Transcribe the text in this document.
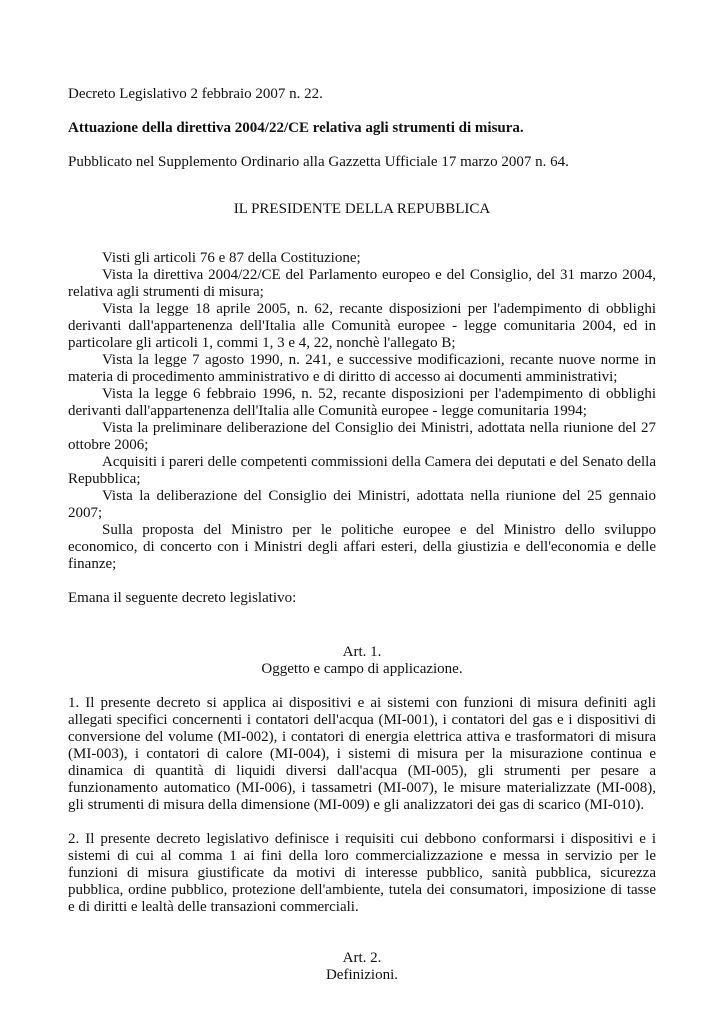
Decreto Legislativo 2 febbraio 2007 n. 22.

Attuazione della direttiva 2004/22/CE relativa agli strumenti di misura.

Pubblicato nel Supplemento Ordinario alla Gazzetta Ufficiale 17 marzo 2007 n. 64.

IL PRESIDENTE DELLA REPUBBLICA

Visti gli articoli 76 e 87 della Costituzione;

Vista la direttiva 2004/22/CE del Parlamento europeo e del Consiglio, del 31 marzo 2004, relativa agli strumenti di misura;

Vista la legge 18 aprile 2005, n. 62, recante disposizioni per l'adempimento di obblighi derivanti dall'appartenenza dell'Italia alle Comunità europee - legge comunitaria 2004, ed in particolare gli articoli 1, commi 1, 3 e 4, 22, nonchè l'allegato B;

Vista la legge 7 agosto 1990, n. 241, e successive modificazioni, recante nuove norme in materia di procedimento amministrativo e di diritto di accesso ai documenti amministrativi;

Vista la legge 6 febbraio 1996, n. 52, recante disposizioni per l'adempimento di obblighi derivanti dall'appartenenza dell'Italia alle Comunità europee - legge comunitaria 1994;

Vista la preliminare deliberazione del Consiglio dei Ministri, adottata nella riunione del 27 ottobre 2006;

Acquisiti i pareri delle competenti commissioni della Camera dei deputati e del Senato della Repubblica;

Vista la deliberazione del Consiglio dei Ministri, adottata nella riunione del 25 gennaio 2007;

Sulla proposta del Ministro per le politiche europee e del Ministro dello sviluppo economico, di concerto con i Ministri degli affari esteri, della giustizia e dell'economia e delle finanze;

Emana il seguente decreto legislativo:

Art. 1.

Oggetto e campo di applicazione.

1. Il presente decreto si applica ai dispositivi e ai sistemi con funzioni di misura definiti agli allegati specifici concernenti i contatori dell'acqua (MI-001), i contatori del gas e i dispositivi di conversione del volume (MI-002), i contatori di energia elettrica attiva e trasformatori di misura (MI-003), i contatori di calore (MI-004), i sistemi di misura per la misurazione continua e dinamica di quantità di liquidi diversi dall'acqua (MI-005), gli strumenti per pesare a funzionamento automatico (MI-006), i tassametri (MI-007), le misure materializzate (MI-008), gli strumenti di misura della dimensione (MI-009) e gli analizzatori dei gas di scarico (MI-010).

2. Il presente decreto legislativo definisce i requisiti cui debbono conformarsi i dispositivi e i sistemi di cui al comma 1 ai fini della loro commercializzazione e messa in servizio per le funzioni di misura giustificate da motivi di interesse pubblico, sanità pubblica, sicurezza pubblica, ordine pubblico, protezione dell'ambiente, tutela dei consumatori, imposizione di tasse e di diritti e lealtà delle transazioni commerciali.

Art. 2.

Definizioni.
